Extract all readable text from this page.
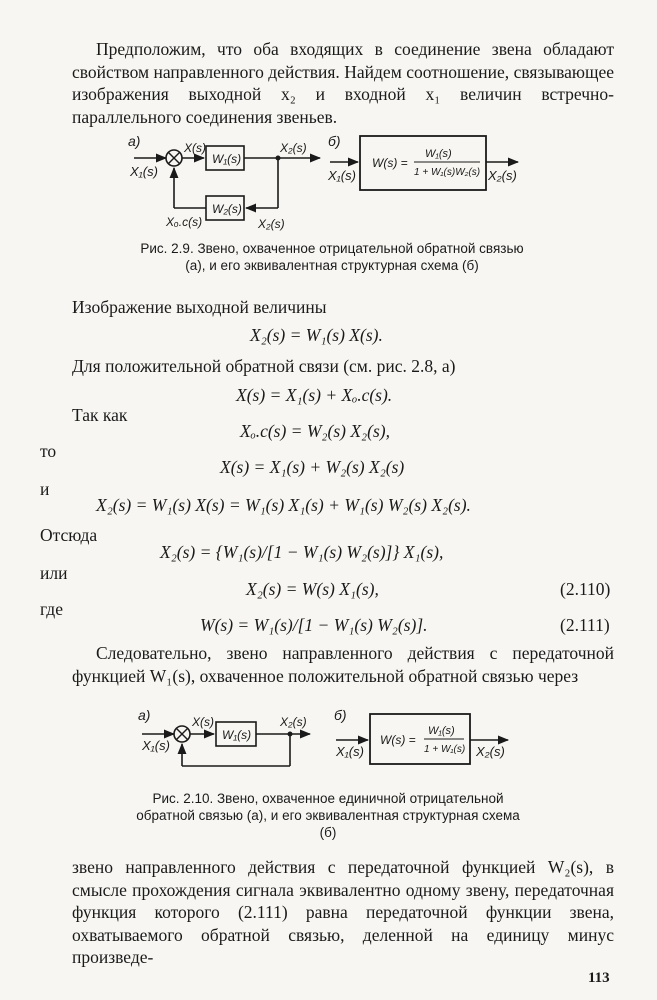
Предположим, что оба входящих в соединение звена обладают свойством направленного действия. Найдем соотношение, связывающее изображения выходной x₂ и входной x₁ величин встречно-параллельного соединения звеньев.
а)
X₁(s)
X(s)
W₁(s)
X₂(s)
W₂(s)
X₂(s)
Xₒ.с(s)
б)
X₁(s)
W(s) =
W₁(s)
1 + W₁(s)W₂(s) X₂(s)
Рис. 2.9. Звено, охваченное отрицательной обратной связью (а), и его эквивалентная структурная схема (б)
Изображение выходной величины
X₂(s) = W₁(s) X(s).
Для положительной обратной связи (см. рис. 2.8, а)
X(s) = X₁(s) + Xₒ.с(s).
Так как
Xₒ.с(s) = W₂(s) X₂(s),
то
X(s) = X₁(s) + W₂(s) X₂(s)
и
X₂(s) = W₁(s) X(s) = W₁(s) X₁(s) + W₁(s) W₂(s) X₂(s).
Отсюда
X₂(s) = {W₁(s)/[1 − W₁(s) W₂(s)]} X₁(s),
или
X₂(s) = W(s) X₁(s),	(2.110)
где
W(s) = W₁(s)/[1 − W₁(s) W₂(s)].	(2.111)
Следовательно, звено направленного действия с передаточной функцией W₁(s), охваченное положительной обратной связью через
а)
X₁(s)
X(s)
W₁(s)
X₂(s) б)
X₁(s)
W(s) =
W₁(s)
1 + W₁(s) X₂(s)
Рис. 2.10. Звено, охваченное единичной отрицательной обратной связью (а), и его эквивалентная структурная схема (б)
звено направленного действия с передаточной функцией W₂(s), в смысле прохождения сигнала эквивалентно одному звену, передаточная функция которого (2.111) равна передаточной функции звена, охватываемого обратной связью, деленной на единицу минус произведе-
113
